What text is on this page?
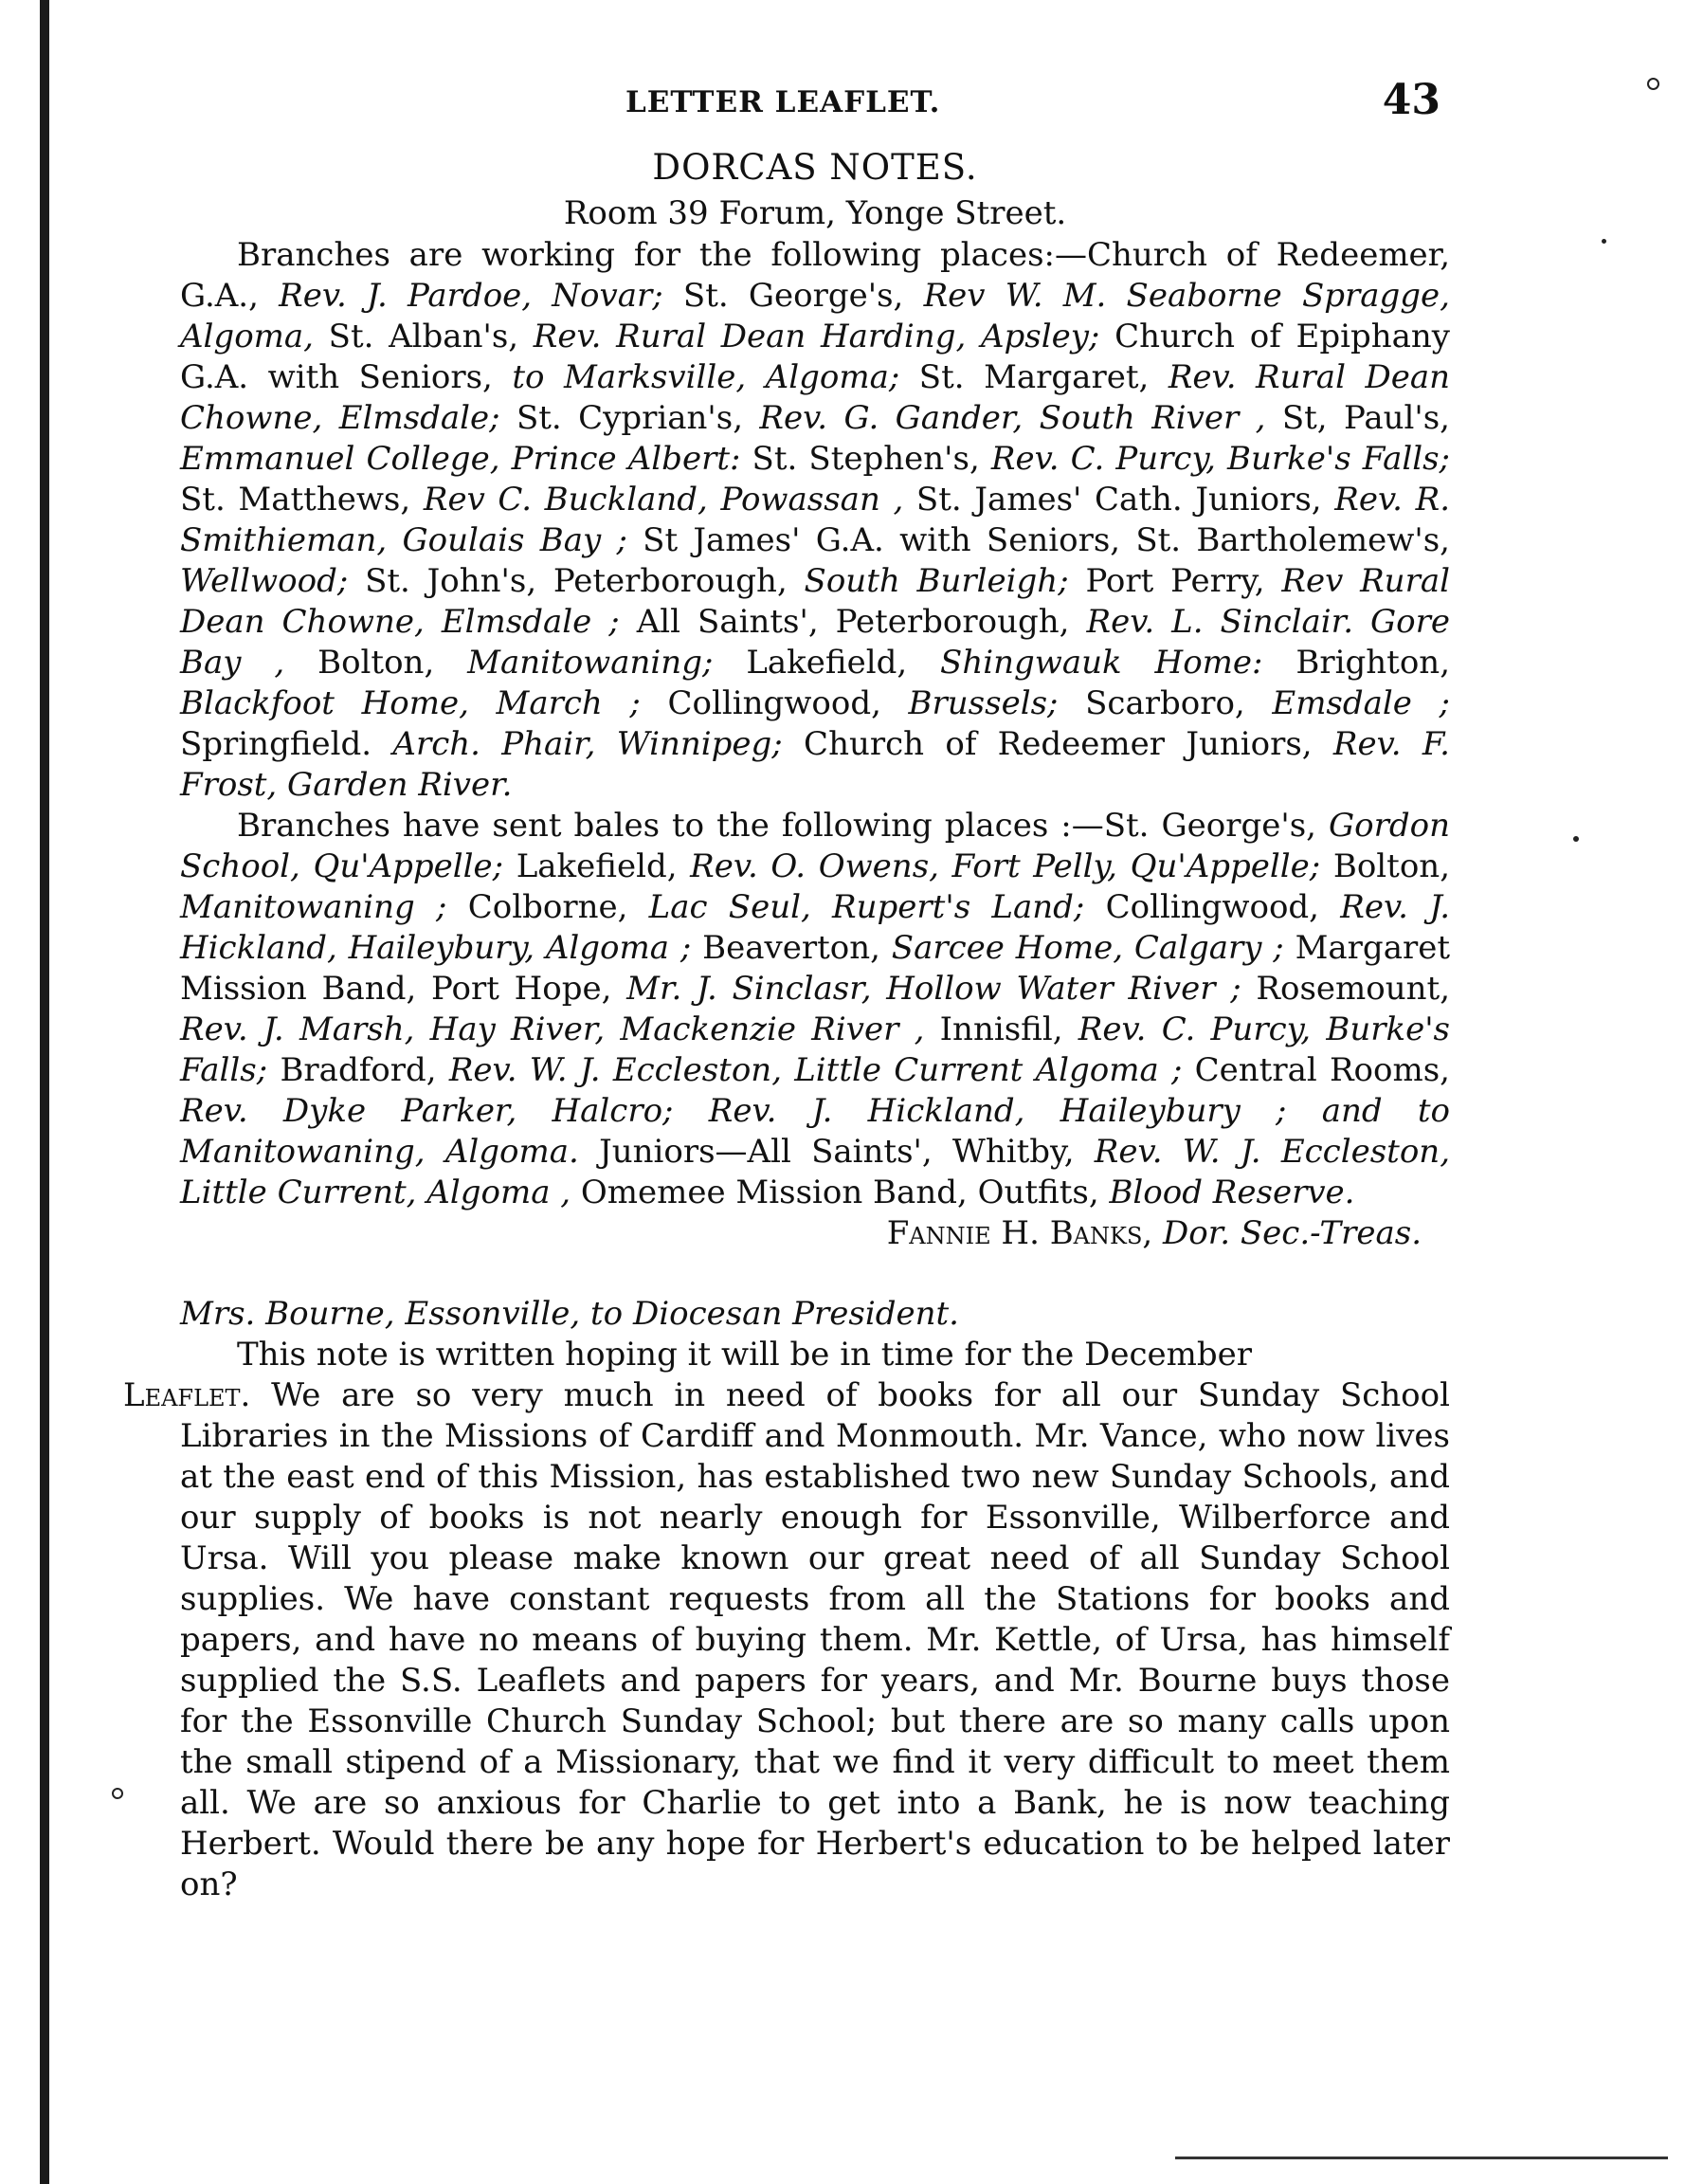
LETTER LEAFLET.	43
DORCAS NOTES.
Room 39 Forum, Yonge Street.

Branches are working for the following places:—Church of Redeemer, G.A., Rev. J. Pardoe, Novar; St. George's, Rev W. M. Seaborne Spragge, Algoma, St. Alban's, Rev. Rural Dean Harding, Apsley; Church of Epiphany G.A. with Seniors, to Marksville, Algoma; St. Margaret, Rev. Rural Dean Chowne, Elmsdale; St. Cyprian's, Rev. G. Gander, South River , St, Paul's, Emmanuel College, Prince Albert: St. Stephen's, Rev. C. Purcy, Burke's Falls; St. Matthews, Rev C. Buckland, Powassan , St. James' Cath. Juniors, Rev. R. Smithieman, Goulais Bay ; St James' G.A. with Seniors, St. Bartholemew's, Wellwood; St. John's, Peterborough, South Burleigh; Port Perry, Rev Rural Dean Chowne, Elmsdale ; All Saints', Peterborough, Rev. L. Sinclair. Gore Bay , Bolton, Manitowaning; Lakefield, Shingwauk Home: Brighton, Blackfoot Home, March ; Collingwood, Brussels; Scarboro, Emsdale ; Springfield. Arch. Phair, Winnipeg; Church of Redeemer Juniors, Rev. F. Frost, Garden River.

Branches have sent bales to the following places :—St. George's, Gordon School, Qu'Appelle; Lakefield, Rev. O. Owens, Fort Pelly, Qu'Appelle; Bolton, Manitowaning ; Colborne, Lac Seul, Rupert's Land; Collingwood, Rev. J. Hickland, Haileybury, Algoma ; Beaverton, Sarcee Home, Calgary ; Margaret Mission Band, Port Hope, Mr. J. Sinclasr, Hollow Water River ; Rosemount, Rev. J. Marsh, Hay River, Mackenzie River , Innisfil, Rev. C. Purcy, Burke's Falls; Bradford, Rev. W. J. Eccleston, Little Current Algoma ; Central Rooms, Rev. Dyke Parker, Halcro; Rev. J. Hickland, Haileybury ; and to Manitowaning, Algoma. Juniors—All Saints', Whitby, Rev. W. J. Eccleston, Little Current, Algoma , Omemee Mission Band, Outfits, Blood Reserve.

Fannie H. Banks, Dor. Sec.-Treas.
Mrs. Bourne, Essonville, to Diocesan President.

This note is written hoping it will be in time for the December
Leaflet. We are so very much in need of books for all our Sunday School Libraries in the Missions of Cardiff and Monmouth. Mr. Vance, who now lives at the east end of this Mission, has established two new Sunday Schools, and our supply of books is not nearly enough for Essonville, Wilberforce and Ursa. Will you please make known our great need of all Sunday School supplies. We have constant requests from all the Stations for books and papers, and have no means of buying them. Mr. Kettle, of Ursa, has himself supplied the S.S. Leaflets and papers for years, and Mr. Bourne buys those for the Essonville Church Sunday School; but there are so many calls upon the small stipend of a Missionary, that we find it very difficult to meet them all. We are so anxious for Charlie to get into a Bank, he is now teaching Herbert. Would there be any hope for Herbert's education to be helped later on?
